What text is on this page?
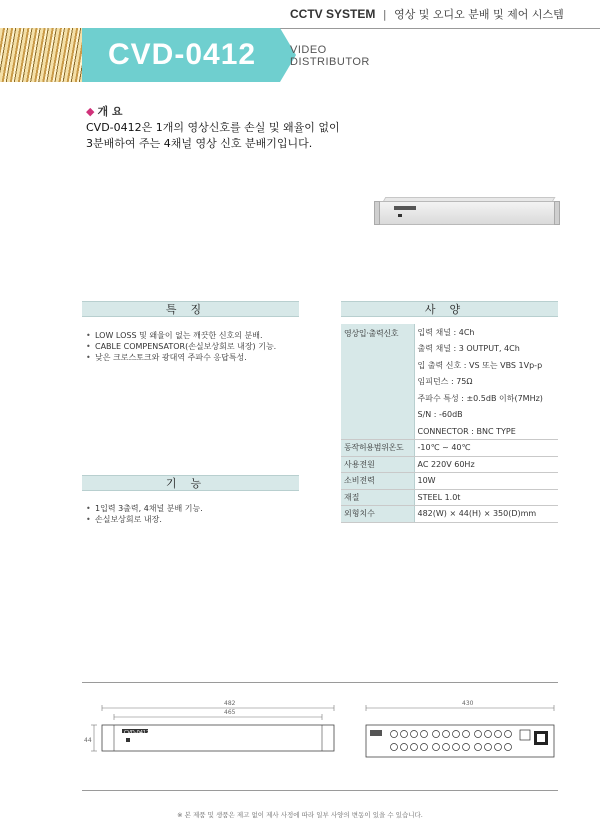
CCTV SYSTEM | 영상 및 오디오 분배 및 제어 시스템
CVD-0412	VIDEO
DISTRIBUTOR
◆ 개 요
CVD-0412은 1개의 영상신호를 손실 및 왜율이 없이
3분배하여 주는 4채널 영상 신호 분배기입니다.
특징
• LOW LOSS 및 왜율이 없는 깨끗한 신호의 분배.
• CABLE COMPENSATOR(손실보상회로 내장) 기능.
• 낮은 크로스토크와 광대역 주파수 응답특성.
기능
• 1입력 3출력, 4채널 분배 기능.
• 손실보상회로 내장.
사양
영상입·출력신호	입력 채널 : 4Ch
	출력 채널 : 3 OUTPUT, 4Ch
	입 출력 신호 : VS 또는 VBS 1Vp-p
	임피던스 : 75Ω
	주파수 특성 : ±0.5dB 이하(7MHz)
	S/N : -60dB
	CONNECTOR : BNC TYPE
동작허용범위온도	-10℃ ~ 40℃
사용전원	AC 220V 60Hz
소비전력	10W
재질	STEEL 1.0t
외형치수	482(W) × 44(H) × 350(D)mm
482
465
44
CVD-0412
430
※ 본 제품 및 생품은 제고 없이 제사 사정에 따라 일부 사양의 변동이 있을 수 있습니다.
